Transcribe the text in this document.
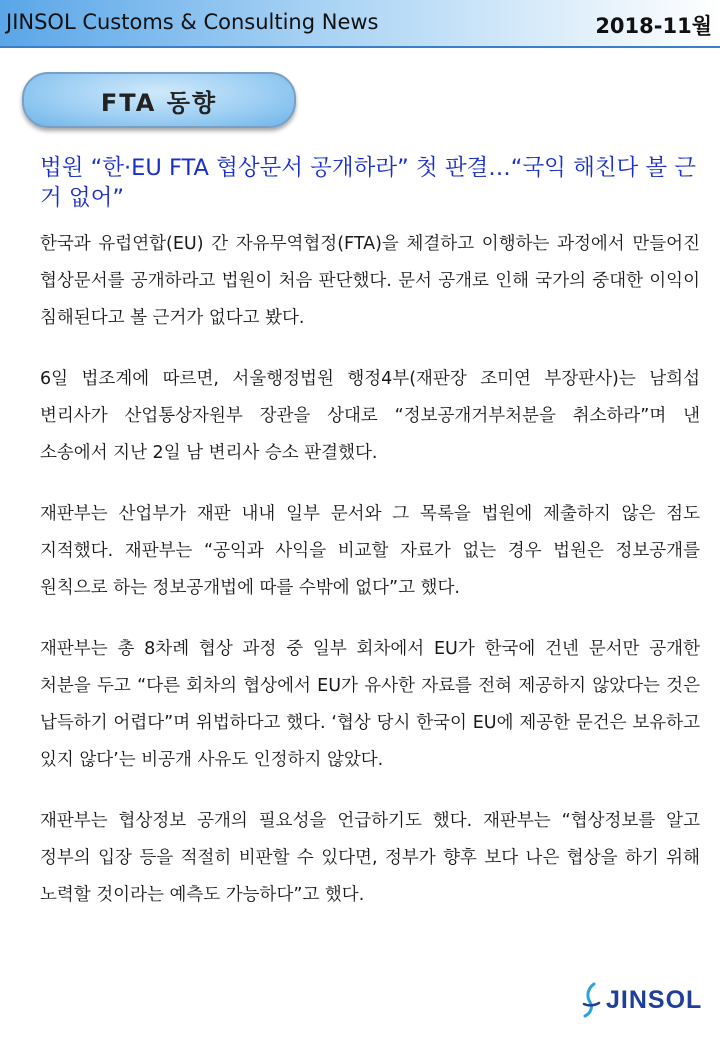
JINSOL Customs & Consulting News	2018-11월
FTA 동향
법원 “한·EU FTA 협상문서 공개하라” 첫 판결…“국익 해친다 볼 근거 없어”

한국과 유럽연합(EU) 간 자유무역협정(FTA)을 체결하고 이행하는 과정에서 만들어진 협상문서를 공개하라고 법원이 처음 판단했다. 문서 공개로 인해 국가의 중대한 이익이 침해된다고 볼 근거가 없다고 봤다.

6일 법조계에 따르면, 서울행정법원 행정4부(재판장 조미연 부장판사)는 남희섭 변리사가 산업통상자원부 장관을 상대로 “정보공개거부처분을 취소하라”며 낸 소송에서 지난 2일 남 변리사 승소 판결했다.

재판부는 산업부가 재판 내내 일부 문서와 그 목록을 법원에 제출하지 않은 점도 지적했다. 재판부는 “공익과 사익을 비교할 자료가 없는 경우 법원은 정보공개를 원칙으로 하는 정보공개법에 따를 수밖에 없다”고 했다.

재판부는 총 8차례 협상 과정 중 일부 회차에서 EU가 한국에 건넨 문서만 공개한 처분을 두고 “다른 회차의 협상에서 EU가 유사한 자료를 전혀 제공하지 않았다는 것은 납득하기 어렵다”며 위법하다고 했다. ‘협상 당시 한국이 EU에 제공한 문건은 보유하고 있지 않다’는 비공개 사유도 인정하지 않았다.

재판부는 협상정보 공개의 필요성을 언급하기도 했다. 재판부는 “협상정보를 알고 정부의 입장 등을 적절히 비판할 수 있다면, 정부가 향후 보다 나은 협상을 하기 위해 노력할 것이라는 예측도 가능하다”고 했다.

JINSOL
